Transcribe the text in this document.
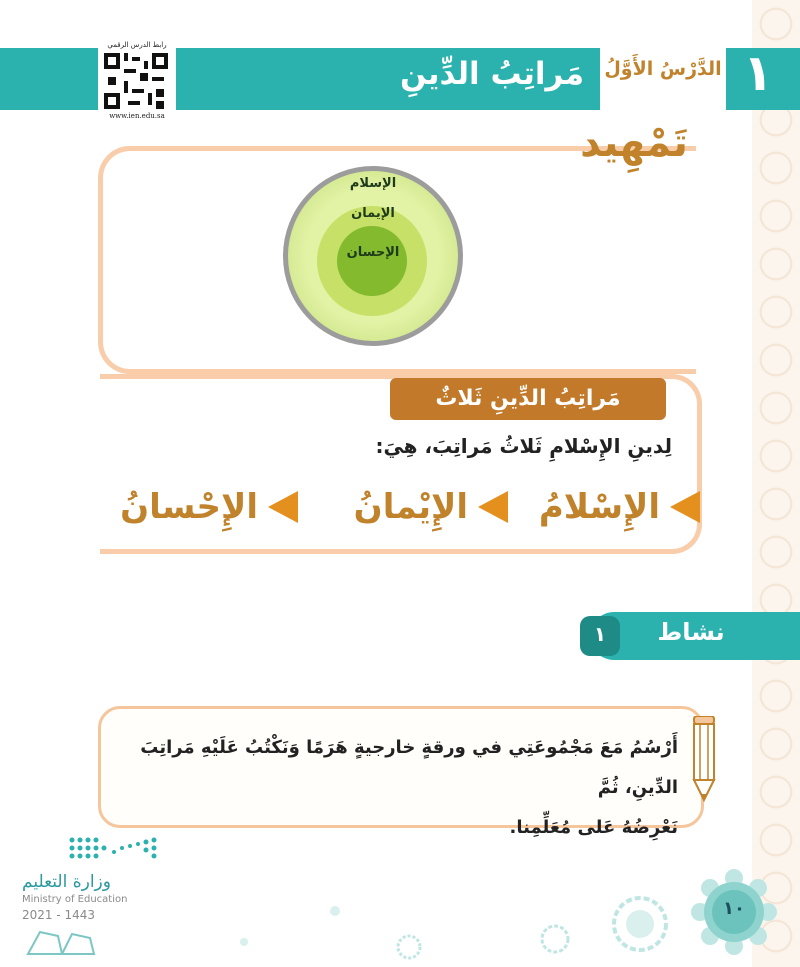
رابط الدرس الرقمي
www.ien.edu.sa
مَراتِبُ الدِّينِ	الدَّرْسُ الأَوَّلُ ١
تَمْهِيد
الإسلام
الإيمان
الإحسان
مَراتِبُ الدِّينِ ثَلاثٌ
لِدينِ الإِسْلامِ ثَلاثُ مَراتِبَ، هِيَ:
الإِسْلامُ
الإِيْمانُ
الإِحْسانُ
نشاط
١
أَرْسُمُ مَعَ مَجْمُوعَتِي في ورقةٍ خارجيةٍ هَرَمًا وَنَكْتُبُ عَلَيْهِ مَراتِبَ الدِّينِ، ثُمَّ
نَعْرِضُهُ عَلى مُعَلِّمِنا.
وزارة التعليم
Ministry of Education
2021 - 1443	١٠
